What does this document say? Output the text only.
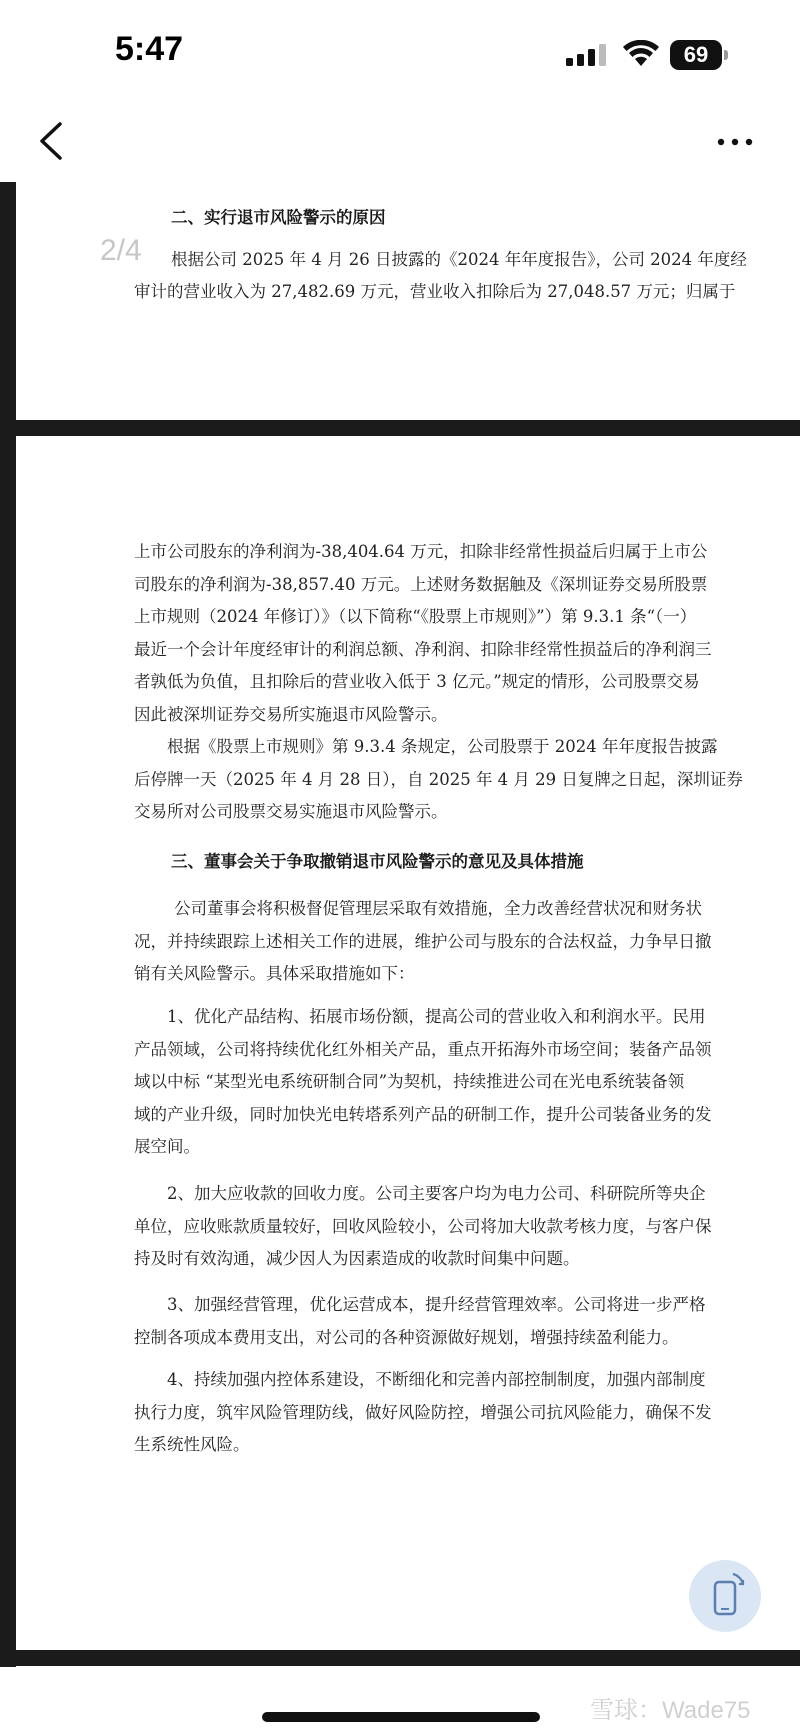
5:47	69
二、实行退市风险警示的原因
2/4 根据公司 2025 年 4 月 26 日披露的《2024 年年度报告》，公司 2024 年度经
审计的营业收入为 27,482.69 万元，营业收入扣除后为 27,048.57 万元；归属于
上市公司股东的净利润为-38,404.64 万元，扣除非经常性损益后归属于上市公
司股东的净利润为-38,857.40 万元。上述财务数据触及《深圳证券交易所股票
上市规则（2024 年修订）》（以下简称“《股票上市规则》”）第 9.3.1 条“（一）
最近一个会计年度经审计的利润总额、净利润、扣除非经常性损益后的净利润三
者孰低为负值，且扣除后的营业收入低于 3 亿元。”规定的情形，公司股票交易
因此被深圳证券交易所实施退市风险警示。
根据《股票上市规则》第 9.3.4 条规定，公司股票于 2024 年年度报告披露
后停牌一天（2025 年 4 月 28 日），自 2025 年 4 月 29 日复牌之日起，深圳证券
交易所对公司股票交易实施退市风险警示。
三、董事会关于争取撤销退市风险警示的意见及具体措施
公司董事会将积极督促管理层采取有效措施，全力改善经营状况和财务状
况，并持续跟踪上述相关工作的进展，维护公司与股东的合法权益，力争早日撤
销有关风险警示。具体采取措施如下：
1、优化产品结构、拓展市场份额，提高公司的营业收入和利润水平。民用
产品领域，公司将持续优化红外相关产品，重点开拓海外市场空间；装备产品领
域以中标 “某型光电系统研制合同”为契机，持续推进公司在光电系统装备领
域的产业升级，同时加快光电转塔系列产品的研制工作，提升公司装备业务的发
展空间。
2、加大应收款的回收力度。公司主要客户均为电力公司、科研院所等央企
单位，应收账款质量较好，回收风险较小，公司将加大收款考核力度，与客户保
持及时有效沟通，减少因人为因素造成的收款时间集中问题。
3、加强经营管理，优化运营成本，提升经营管理效率。公司将进一步严格
控制各项成本费用支出，对公司的各种资源做好规划，增强持续盈利能力。
4、持续加强内控体系建设，不断细化和完善内部控制制度，加强内部制度
执行力度，筑牢风险管理防线，做好风险防控，增强公司抗风险能力，确保不发
生系统性风险。
雪球：Wade75
